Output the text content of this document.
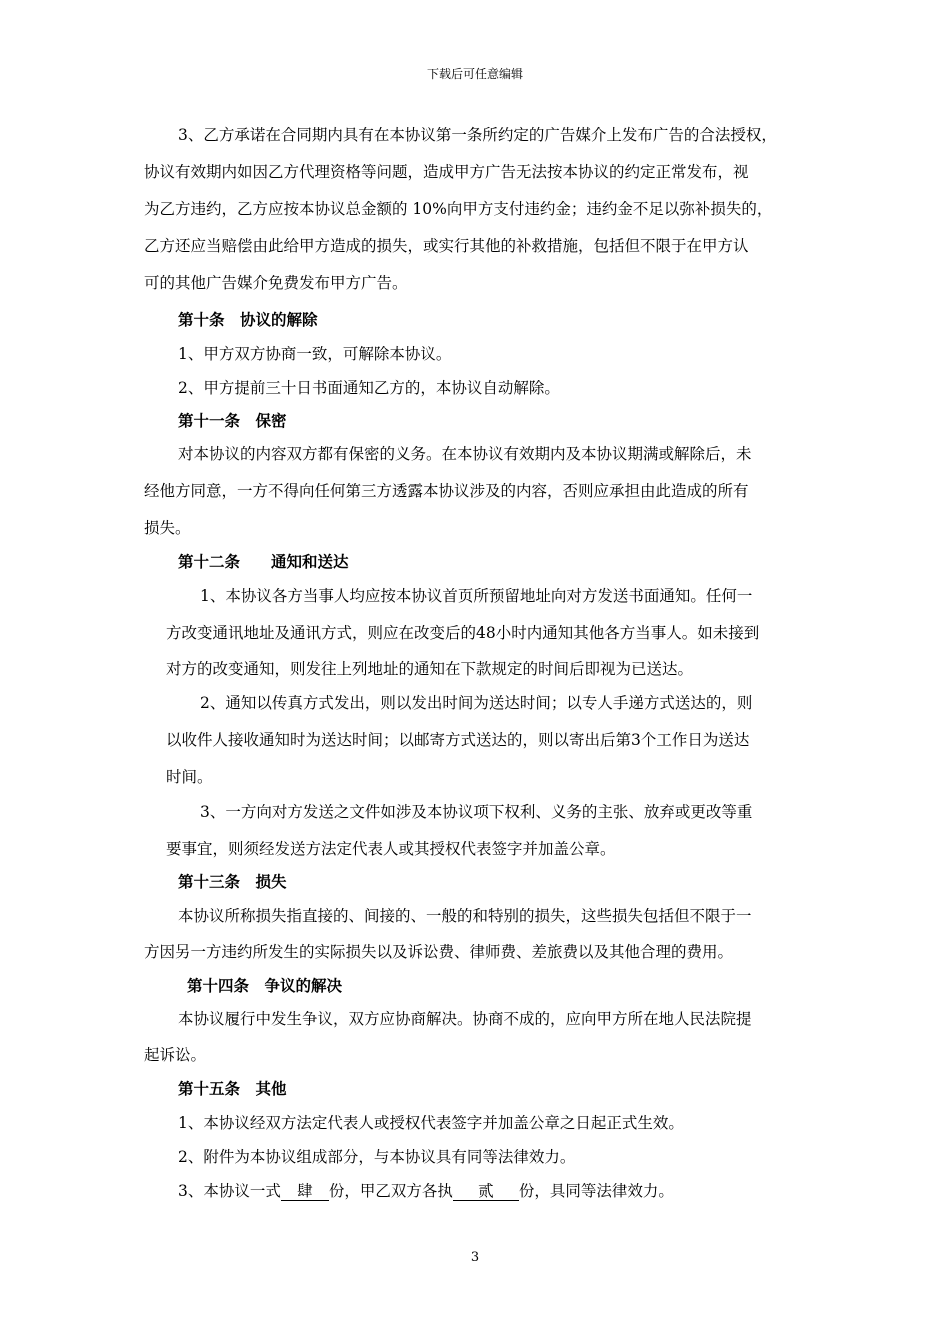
下载后可任意编辑
3、乙方承诺在合同期内具有在本协议第一条所约定的广告媒介上发布广告的合法授权，
协议有效期内如因乙方代理资格等问题，造成甲方广告无法按本协议的约定正常发布，视
为乙方违约，乙方应按本协议总金额的 10%向甲方支付违约金；违约金不足以弥补损失的，
乙方还应当赔偿由此给甲方造成的损失，或实行其他的补救措施，包括但不限于在甲方认
可的其他广告媒介免费发布甲方广告。
第十条　协议的解除
1、甲方双方协商一致，可解除本协议。
2、甲方提前三十日书面通知乙方的，本协议自动解除。
第十一条　保密
对本协议的内容双方都有保密的义务。在本协议有效期内及本协议期满或解除后，未
经他方同意，一方不得向任何第三方透露本协议涉及的内容，否则应承担由此造成的所有
损失。
第十二条　　通知和送达
1、本协议各方当事人均应按本协议首页所预留地址向对方发送书面通知。任何一
方改变通讯地址及通讯方式，则应在改变后的48小时内通知其他各方当事人。如未接到
对方的改变通知，则发往上列地址的通知在下款规定的时间后即视为已送达。
2、通知以传真方式发出，则以发出时间为送达时间；以专人手递方式送达的，则
以收件人接收通知时为送达时间；以邮寄方式送达的，则以寄出后第3个工作日为送达
时间。
3、一方向对方发送之文件如涉及本协议项下权利、义务的主张、放弃或更改等重
要事宜，则须经发送方法定代表人或其授权代表签字并加盖公章。
第十三条　损失
本协议所称损失指直接的、间接的、一般的和特别的损失，这些损失包括但不限于一
方因另一方违约所发生的实际损失以及诉讼费、律师费、差旅费以及其他合理的费用。
第十四条　争议的解决
本协议履行中发生争议，双方应协商解决。协商不成的，应向甲方所在地人民法院提
起诉讼。
第十五条　其他
1、本协议经双方法定代表人或授权代表签字并加盖公章之日起正式生效。
2、附件为本协议组成部分，与本协议具有同等法律效力。
3、本协议一式 肆 份，甲乙双方各执 贰 份，具同等法律效力。
3
